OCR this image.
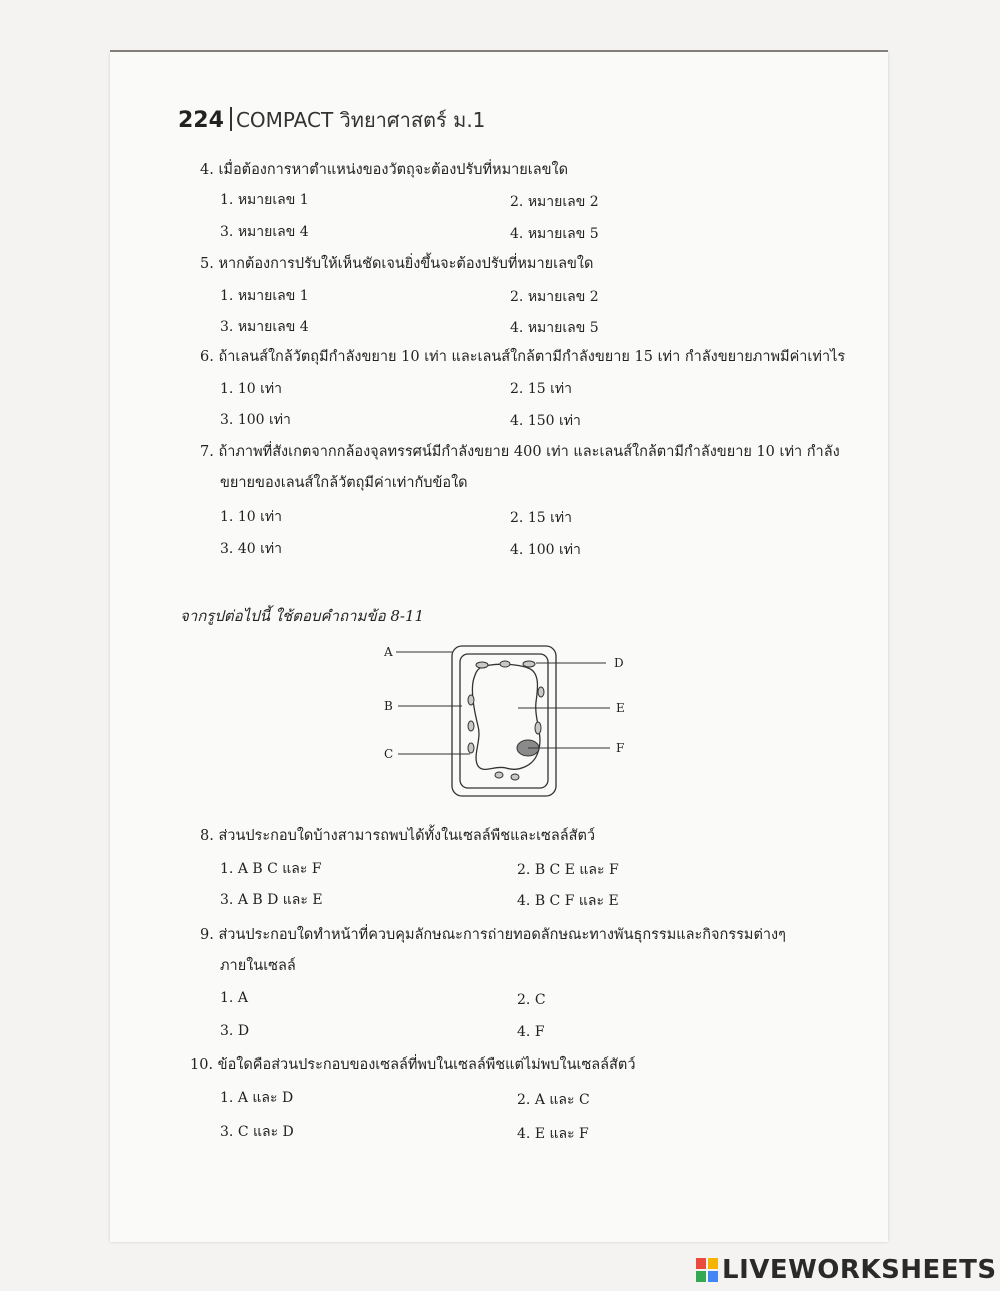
224 COMPACT วิทยาศาสตร์ ม.1
4. เมื่อต้องการหาตำแหน่งของวัตถุจะต้องปรับที่หมายเลขใด
1. หมายเลข 1	2. หมายเลข 2
3. หมายเลข 4	4. หมายเลข 5
5. หากต้องการปรับให้เห็นชัดเจนยิ่งขึ้นจะต้องปรับที่หมายเลขใด
1. หมายเลข 1	2. หมายเลข 2
3. หมายเลข 4	4. หมายเลข 5
6. ถ้าเลนส์ใกล้วัตถุมีกำลังขยาย 10 เท่า และเลนส์ใกล้ตามีกำลังขยาย 15 เท่า กำลังขยายภาพมีค่าเท่าไร
1. 10 เท่า	2. 15 เท่า
3. 100 เท่า	4. 150 เท่า
7. ถ้าภาพที่สังเกตจากกล้องจุลทรรศน์มีกำลังขยาย 400 เท่า และเลนส์ใกล้ตามีกำลังขยาย 10 เท่า กำลัง
ขยายของเลนส์ใกล้วัตถุมีค่าเท่ากับข้อใด
1. 10 เท่า	2. 15 เท่า
3. 40 เท่า	4. 100 เท่า
จากรูปต่อไปนี้ ใช้ตอบคำถามข้อ 8-11
A
B
C
D
E
F
8. ส่วนประกอบใดบ้างสามารถพบได้ทั้งในเซลล์พืชและเซลล์สัตว์
1. A B C และ F	2. B C E และ F
3. A B D และ E	4. B C F และ E
9. ส่วนประกอบใดทำหน้าที่ควบคุมลักษณะการถ่ายทอดลักษณะทางพันธุกรรมและกิจกรรมต่างๆ
ภายในเซลล์
1. A	2. C
3. D	4. F
10. ข้อใดคือส่วนประกอบของเซลล์ที่พบในเซลล์พืชแต่ไม่พบในเซลล์สัตว์
1. A และ D	2. A และ C
3. C และ D	4. E และ F
LIVEWORKSHEETS
